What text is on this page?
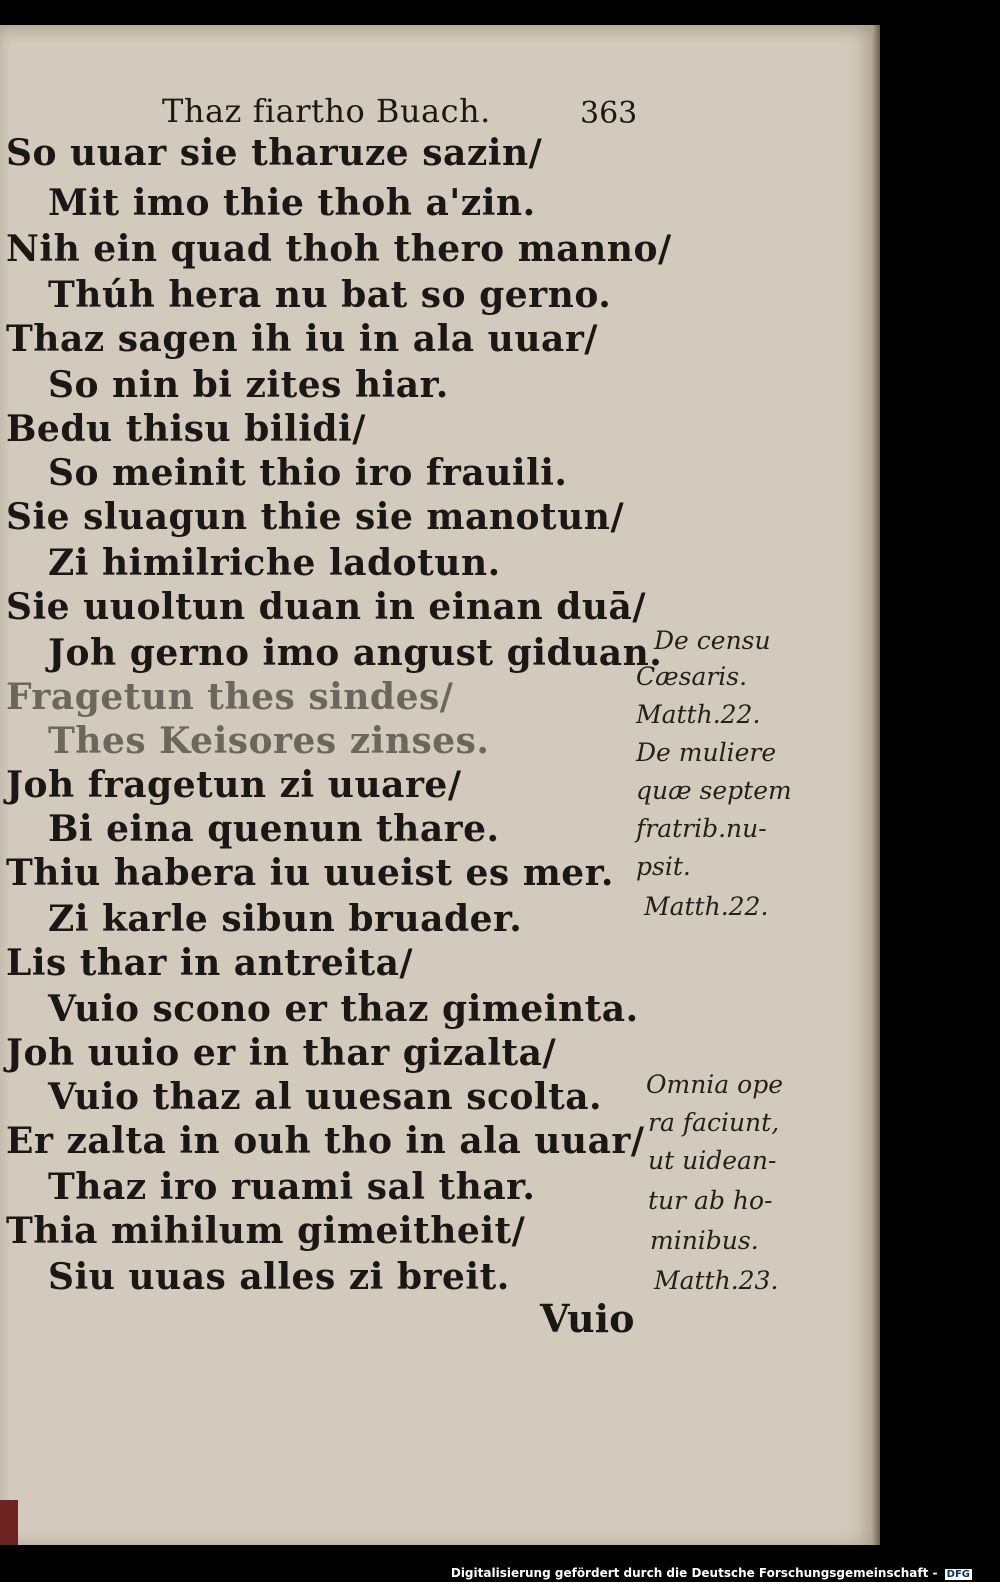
Thaz fiartho Buach.	363
So uuar sie tharuze sazin/
Mit imo thie thoh a'zin.
Nih ein quad thoh thero manno/
Thúh hera nu bat so gerno.
Thaz sagen ih iu in ala uuar/
So nin bi zites hiar.
Bedu thisu bilidi/
So meinit thio iro frauili.
Sie sluagun thie sie manotun/
Zi himilriche ladotun.
Sie uuoltun duan in einan duā/
Joh gerno imo angust giduan.
Fragetun thes sindes/
Thes Keisores zinses.
Joh fragetun zi uuare/
Bi eina quenun thare.
Thiu habera iu uueist es mer.
Zi karle sibun bruader.
Lis thar in antreita/
Vuio scono er thaz gimeinta.
Joh uuio er in thar gizalta/
Vuio thaz al uuesan scolta.
Er zalta in ouh tho in ala uuar/
Thaz iro ruami sal thar.
Thia mihilum gimeitheit/
Siu uuas alles zi breit.
De censu
Cæsaris.
Matth.22.
De muliere
quæ septem
fratrib.nu-
psit.
Matth.22.
Omnia ope
ra faciunt,
ut uidean-
tur ab ho-
minibus.
Matth.23.
Vuio
Digitalisierung gefördert durch die Deutsche Forschungsgemeinschaft - DFG
